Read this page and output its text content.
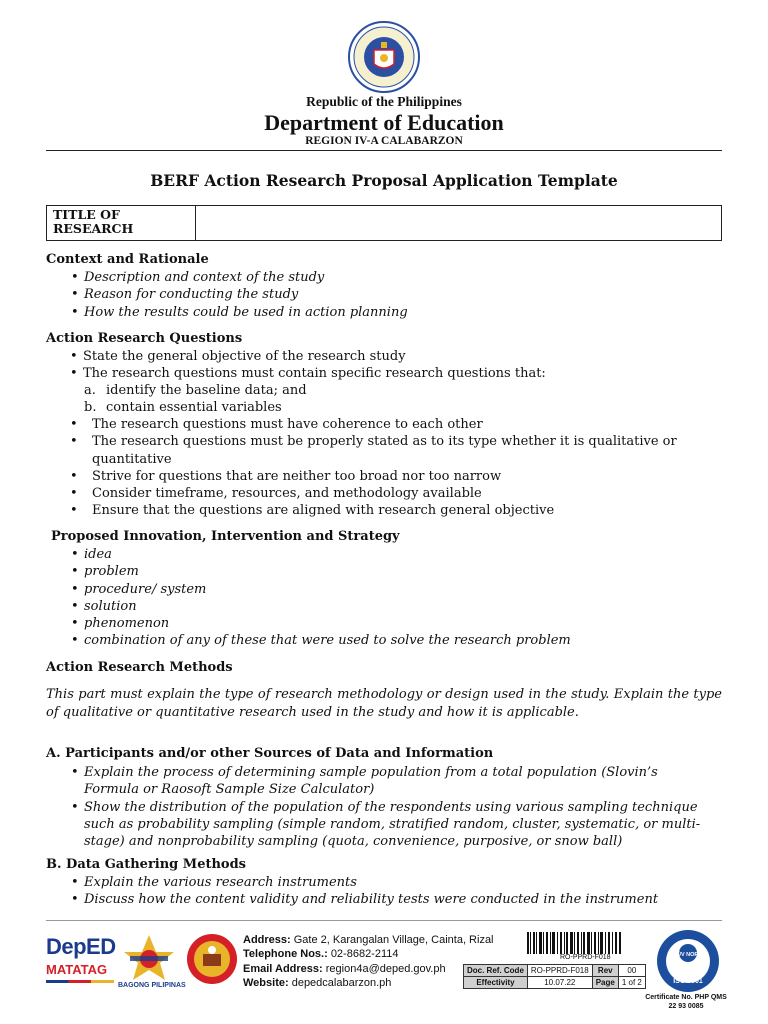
Republic of the Philippines
Department of Education
REGION IV-A CALABARZON
BERF Action Research Proposal Application Template
TITLE OF
RESEARCH

Context and Rationale
• Description and context of the study
• Reason for conducting the study
• How the results could be used in action planning
Action Research Questions
• State the general objective of the research study
• The research questions must contain specific research questions that:
a. identify the baseline data; and
b. contain essential variables
• The research questions must have coherence to each other
• The research questions must be properly stated as to its type whether it is qualitative or
quantitative
• Strive for questions that are neither too broad nor too narrow
• Consider timeframe, resources, and methodology available
• Ensure that the questions are aligned with research general objective
Proposed Innovation, Intervention and Strategy
• idea
• problem
• procedure/ system
• solution
• phenomenon
• combination of any of these that were used to solve the research problem
Action Research Methods
This part must explain the type of research methodology or design used in the study. Explain the type of qualitative or quantitative research used in the study and how it is applicable.
A. Participants and/or other Sources of Data and Information
• Explain the process of determining sample population from a total population (Slovin’s
Formula or Raosoft Sample Size Calculator)
• Show the distribution of the population of the respondents using various sampling technique
such as probability sampling (simple random, stratified random, cluster, systematic, or multi-
stage) and nonprobability sampling (quota, convenience, purposive, or snow ball)
B. Data Gathering Methods
• Explain the various research instruments
• Discuss how the content validity and reliability tests were conducted in the instrument
DepED
MATATAG
BAGONG PILIPINAS
Address: Gate 2, Karangalan Village, Cainta, Rizal
Telephone Nos.: 02-8682-2114
Email Address: region4a@deped.gov.ph
Website: depedcalabarzon.ph
RO-PPRD-F018
Doc. Ref. Code	RO-PPRD-F018	Rev	00
Effectivity	10.07.22	Page	1 of 2
TÜV NORD
ISO 9001
Certificate No. PHP QMS
22 93 0085
